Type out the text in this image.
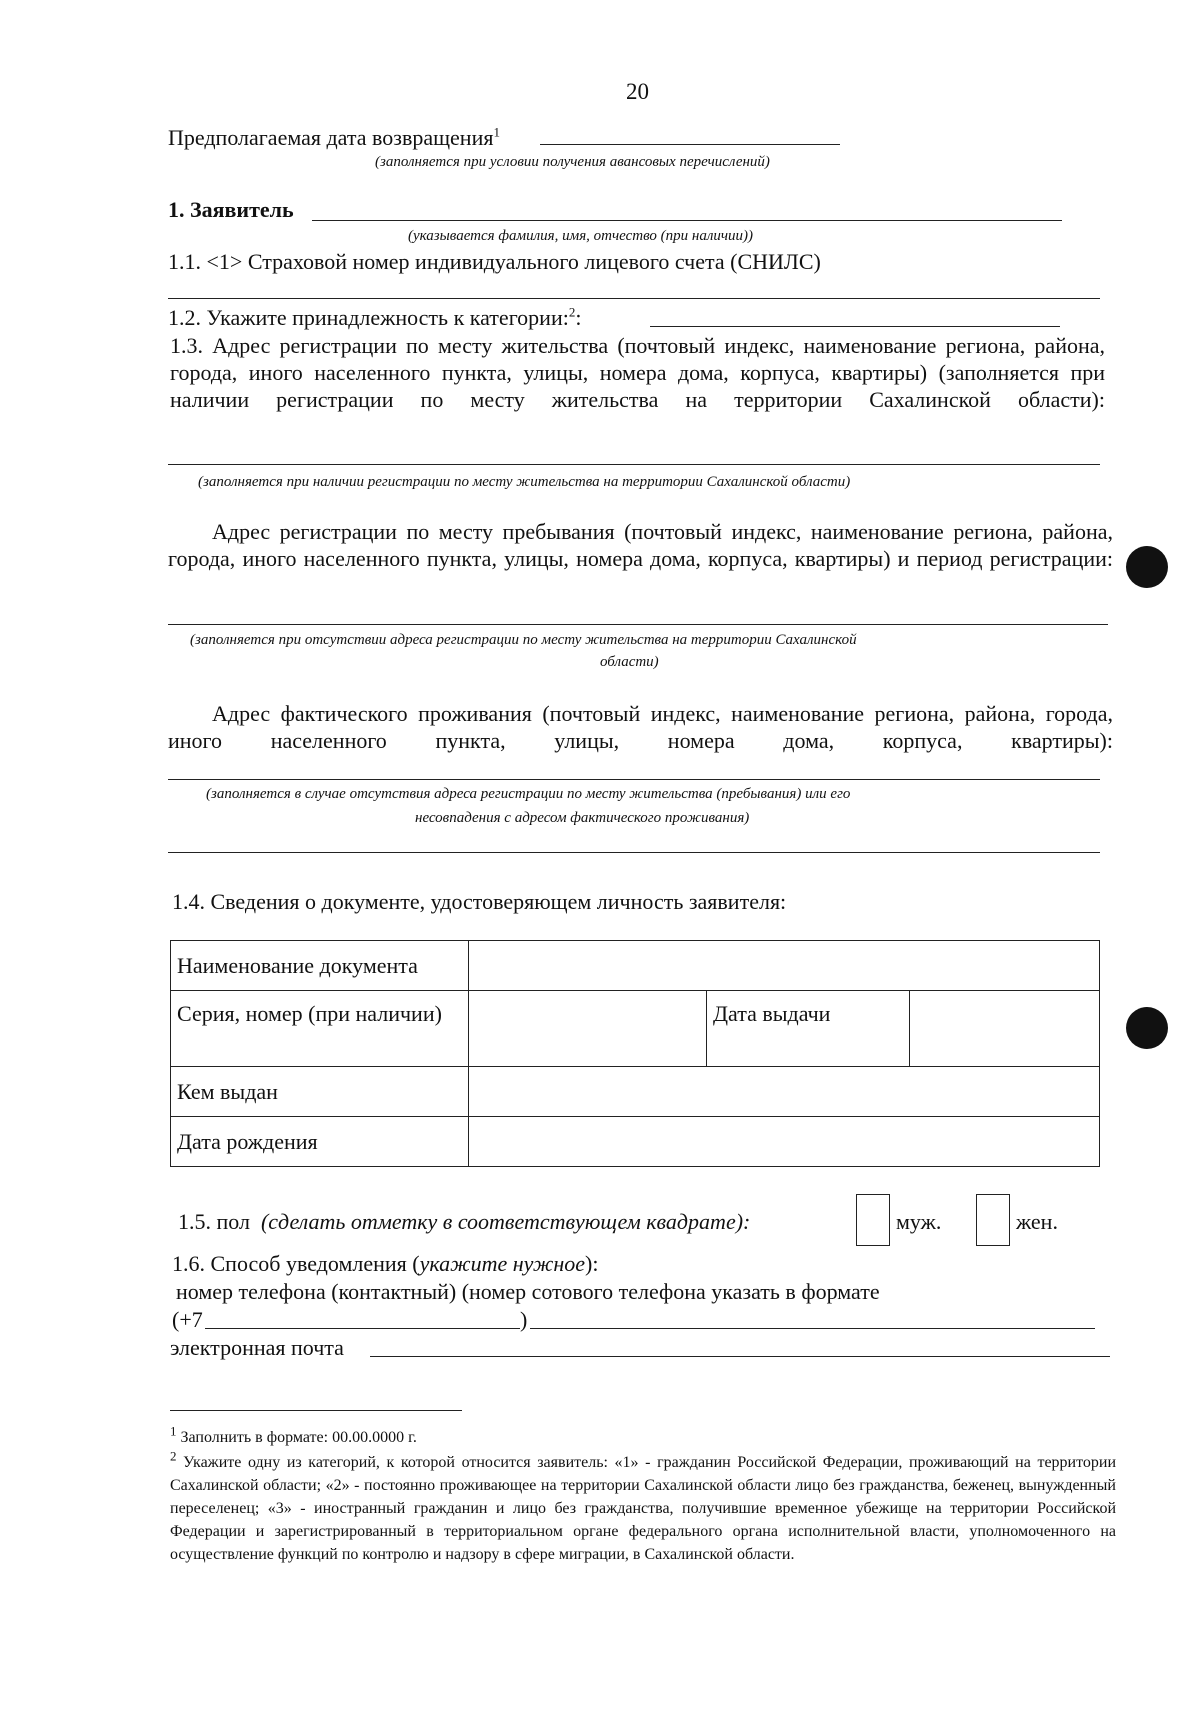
20
Предполагаемая дата возвращения$^1$
(заполняется при условии получения авансовых перечислений)
1. Заявитель
(указывается фамилия, имя, отчество (при наличии))
1.1. <1> Страховой номер индивидуального лицевого счета (СНИЛС)
1.2. Укажите принадлежность к категории:$^2$:
1.3. Адрес регистрации по месту жительства (почтовый индекс, наименование региона, района, города, иного населенного пункта, улицы, номера дома, корпуса, квартиры) (заполняется при наличии регистрации по месту жительства на территории Сахалинской области):
(заполняется при наличии регистрации по месту жительства на территории Сахалинской области)
Адрес регистрации по месту пребывания (почтовый индекс, наименование региона, района, города, иного населенного пункта, улицы, номера дома, корпуса, квартиры) и период регистрации:
(заполняется при отсутствии адреса регистрации по месту жительства на территории Сахалинской
области)
Адрес фактического проживания (почтовый индекс, наименование региона, района, города, иного населенного пункта, улицы, номера дома, корпуса, квартиры):
(заполняется в случае отсутствия адреса регистрации по месту жительства (пребывания) или его
несовпадения с адресом фактического проживания)
1.4. Сведения о документе, удостоверяющем личность заявителя:
Наименование документа			
Серия, номер (при наличии)		Дата выдачи	
Кем выдан			
Дата рождения			
1.5. пол (сделать отметку в соответствующем квадрате):	муж.	жен.
1.6. Способ уведомления (укажите нужное):
номер телефона (контактный) (номер сотового телефона указать в формате
(+7	)
электронная почта
$^1$ Заполнить в формате: 00.00.0000 г.
$^2$ Укажите одну из категорий, к которой относится заявитель: «1» - гражданин Российской Федерации, проживающий на территории Сахалинской области; «2» - постоянно проживающее на территории Сахалинской области лицо без гражданства, беженец, вынужденный переселенец; «3» - иностранный гражданин и лицо без гражданства, получившие временное убежище на территории Российской Федерации и зарегистрированный в территориальном органе федерального органа исполнительной власти, уполномоченного на осуществление функций по контролю и надзору в сфере миграции, в Сахалинской области.
